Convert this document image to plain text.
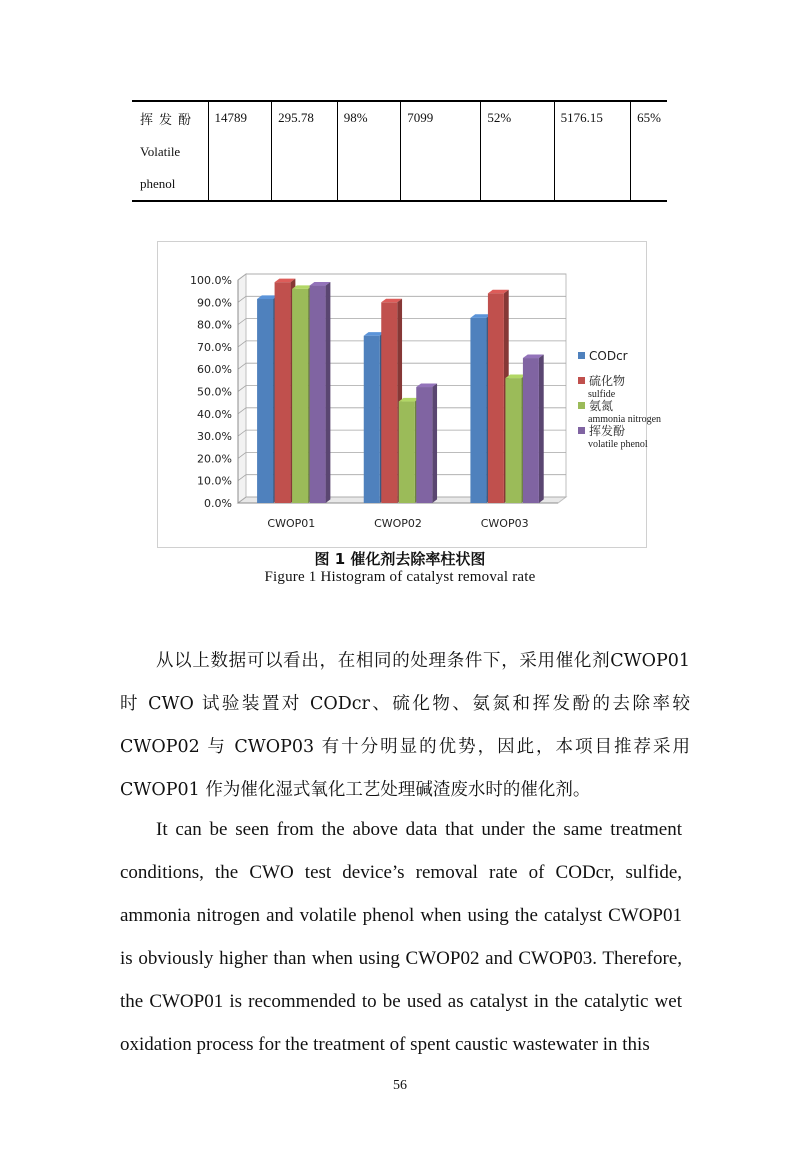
挥发酚
Volatile
phenol
	14789	295.78	98%	7099	52%	5176.15	65%
0.0%
10.0%
20.0%
30.0%
40.0%
50.0%
60.0%
70.0%
80.0%
90.0%
100.0%
CWOP01	CWOP02	CWOP03
CODcr
硫化物
sulfide
氨氮
ammonia nitrogen
挥发酚
volatile phenol
图 1 催化剂去除率柱状图
Figure 1 Histogram of catalyst removal rate
从以上数据可以看出，在相同的处理条件下，采用催化剂CWOP01 时 CWO 试验装置对 CODcr、硫化物、氨氮和挥发酚的去除率较 CWOP02 与 CWOP03 有十分明显的优势，因此，本项目推荐采用 CWOP01 作为催化湿式氧化工艺处理碱渣废水时的催化剂。
It can be seen from the above data that under the same treatment conditions, the CWO test device’s removal rate of CODcr, sulfide, ammonia nitrogen and volatile phenol when using the catalyst CWOP01 is obviously higher than when using CWOP02 and CWOP03. Therefore, the CWOP01 is recommended to be used as catalyst in the catalytic wet oxidation process for the treatment of spent caustic wastewater in this
56
